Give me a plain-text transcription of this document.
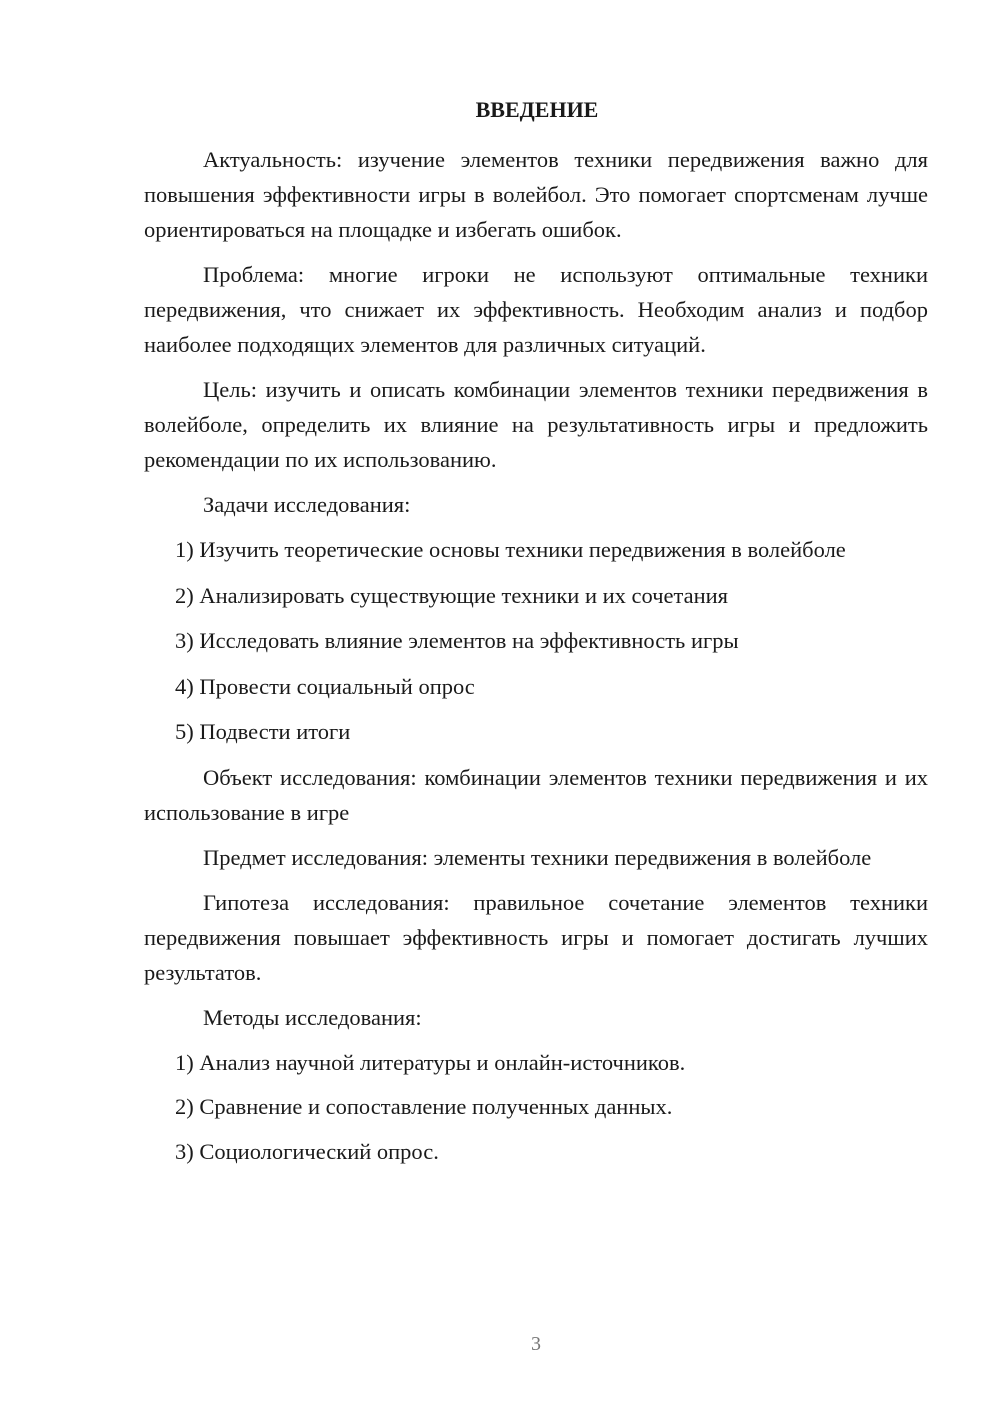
ВВЕДЕНИЕ

Актуальность: изучение элементов техники передвижения важно для повышения эффективности игры в волейбол. Это помогает спортсменам лучше ориентироваться на площадке и избегать ошибок.

Проблема: многие игроки не используют оптимальные техники передвижения, что снижает их эффективность. Необходим анализ и подбор наиболее подходящих элементов для различных ситуаций.

Цель: изучить и описать комбинации элементов техники передвижения в волейболе, определить их влияние на результативность игры и предложить рекомендации по их использованию.

Задачи исследования:

1) Изучить теоретические основы техники передвижения в волейболе
2) Анализировать существующие техники и их сочетания
3) Исследовать влияние элементов на эффективность игры
4) Провести социальный опрос
5) Подвести итоги

Объект исследования: комбинации элементов техники передвижения и их использование в игре

Предмет исследования: элементы техники передвижения в волейболе

Гипотеза исследования: правильное сочетание элементов техники передвижения повышает эффективность игры и помогает достигать лучших результатов.

Методы исследования:

1) Анализ научной литературы и онлайн-источников.
2) Сравнение и сопоставление полученных данных.
3) Социологический опрос.
3
